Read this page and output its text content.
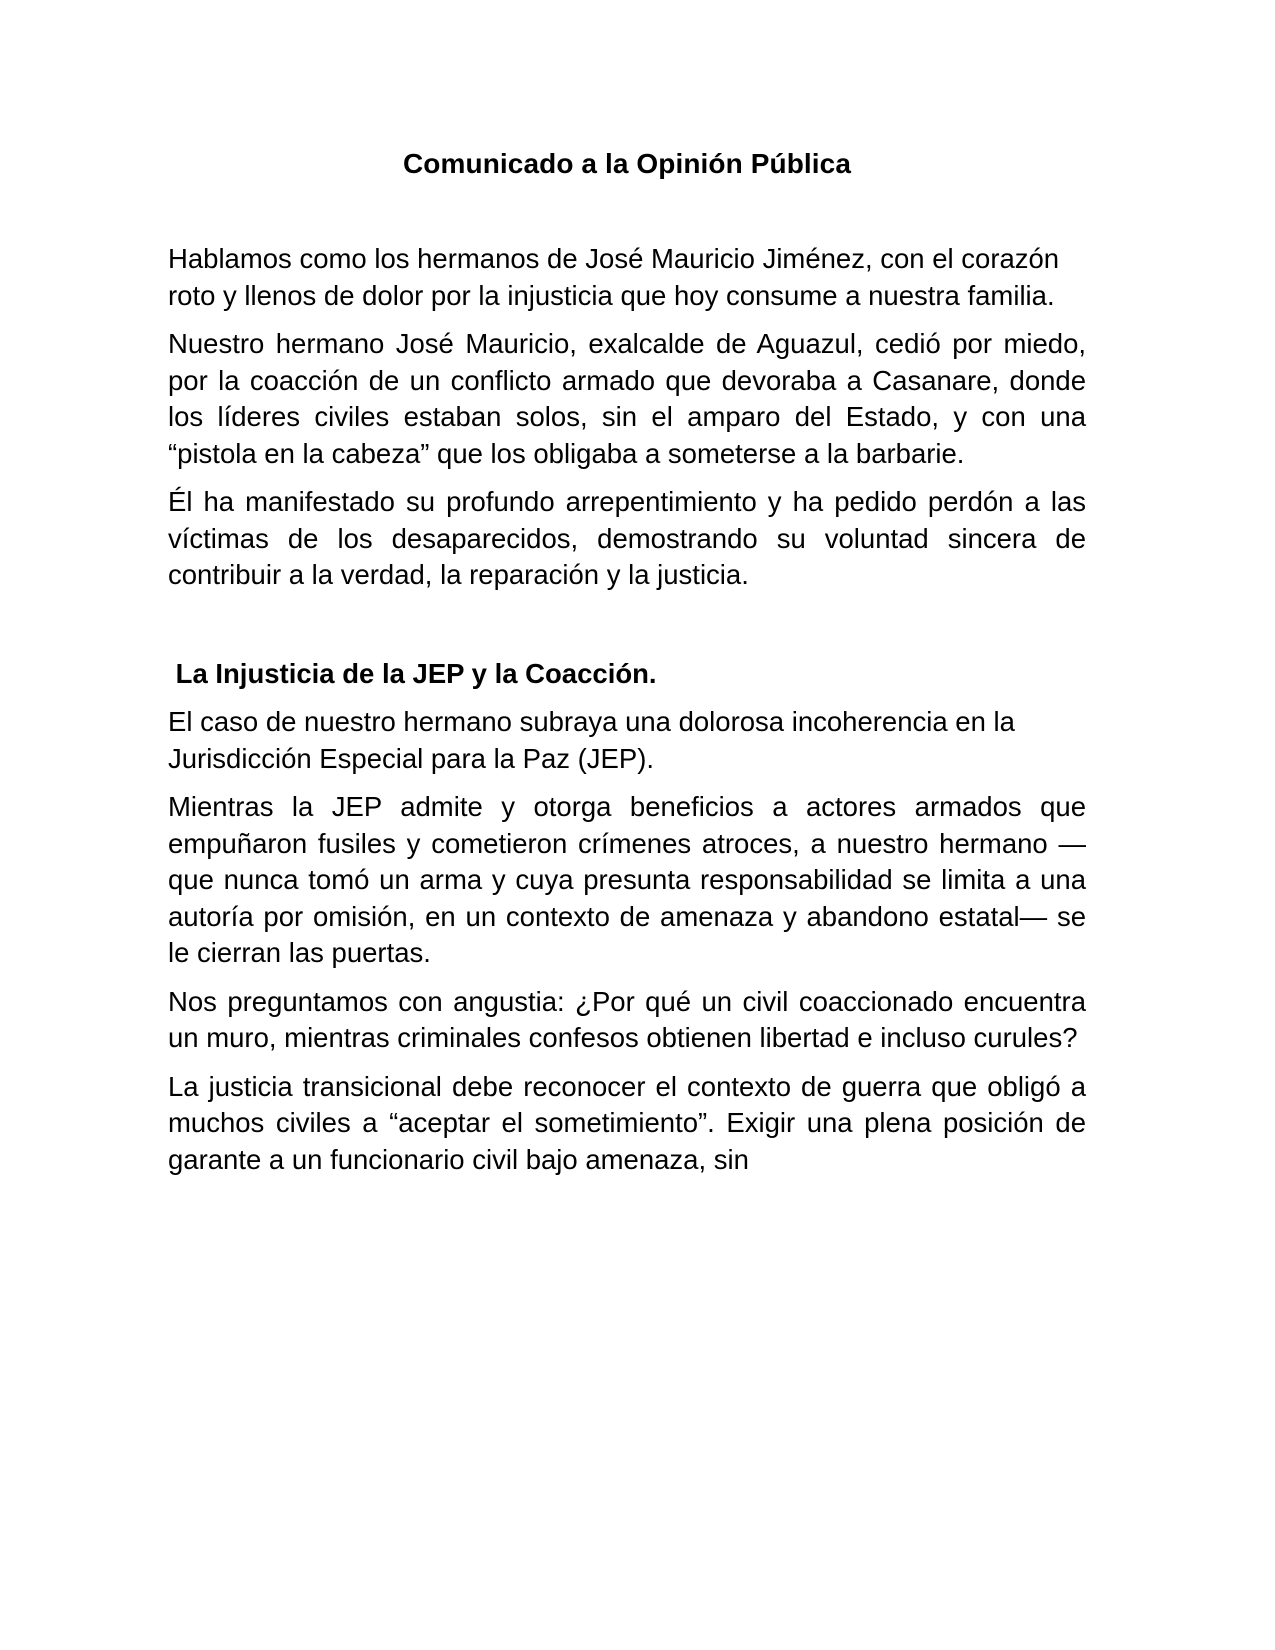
Comunicado a la Opinión Pública

Hablamos como los hermanos de José Mauricio Jiménez, con el corazón roto y llenos de dolor por la injusticia que hoy consume a nuestra familia.

Nuestro hermano José Mauricio, exalcalde de Aguazul, cedió por miedo, por la coacción de un conflicto armado que devoraba a Casanare, donde los líderes civiles estaban solos, sin el amparo del Estado, y con una “pistola en la cabeza” que los obligaba a someterse a la barbarie.

Él ha manifestado su profundo arrepentimiento y ha pedido perdón a las víctimas de los desaparecidos, demostrando su voluntad sincera de contribuir a la verdad, la reparación y la justicia.

La Injusticia de la JEP y la Coacción.

El caso de nuestro hermano subraya una dolorosa incoherencia en la Jurisdicción Especial para la Paz (JEP).

Mientras la JEP admite y otorga beneficios a actores armados que empuñaron fusiles y cometieron crímenes atroces, a nuestro hermano —que nunca tomó un arma y cuya presunta responsabilidad se limita a una autoría por omisión, en un contexto de amenaza y abandono estatal— se le cierran las puertas.

Nos preguntamos con angustia: ¿Por qué un civil coaccionado encuentra un muro, mientras criminales confesos obtienen libertad e incluso curules?

La justicia transicional debe reconocer el contexto de guerra que obligó a muchos civiles a “aceptar el sometimiento”. Exigir una plena posición de garante a un funcionario civil bajo amenaza, sin
